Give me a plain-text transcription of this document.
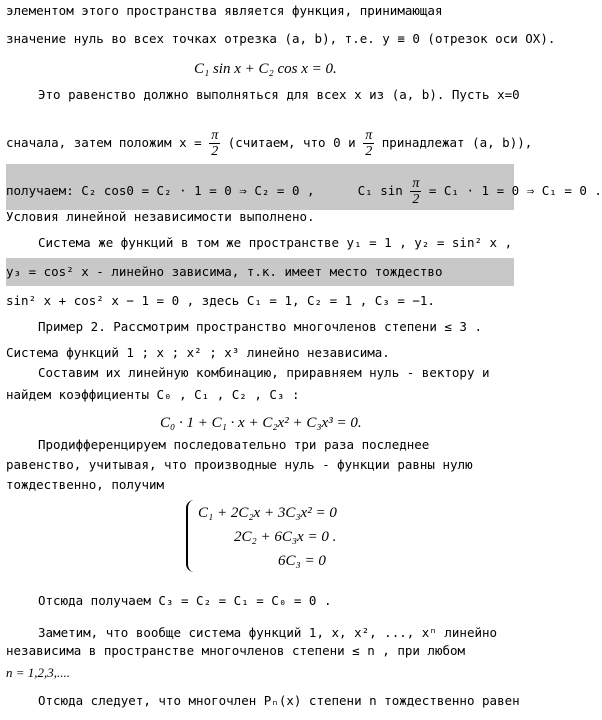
элементом этого пространства является функция, принимающая
значение нуль во всех точках отрезка (a, b), т.е. y ≡ 0 (отрезок оси OX).
C₁ sin x + C₂ cos x = 0.
Это равенство должно выполняться для всех x из (a, b). Пусть x=0
сначала, затем положим $x = \frac{\pi}{2}$ (считаем, что 0 и $\frac{\pi}{2}$ принадлежат (a, b)),
получаем: C₂ cos0 = C₂ · 1 = 0 ⇒ C₂ = 0 ,	C₁ $\sin \frac{\pi}{2} = C_1 \cdot 1 = 0$ ⇒ C₁ = 0 .
Условия линейной независимости выполнено.
Система же функций в том же пространстве y₁ = 1 , y₂ = sin² x ,
y₃ = cos² x - линейно зависима, т.к. имеет место тождество
sin² x + cos² x − 1 = 0 , здесь C₁ = 1, C₂ = 1 , C₃ = −1.
Пример 2. Рассмотрим пространство многочленов степени ≤ 3 .
Система функций 1 ; x ; x² ; x³ линейно независима.
Составим их линейную комбинацию, приравняем нуль - вектору и
найдем коэффициенты C₀ , C₁ , C₂ , C₃ :
C₀ · 1 + C₁ · x + C₂x² + C₃x³ = 0.
Продифференцируем последовательно три раза последнее
равенство, учитывая, что производные нуль - функции равны нулю
тождественно, получим
C₁ + 2C₂x + 3C₃x² = 0
2C₂ + 6C₃x = 0 .
6C₃ = 0
Отсюда получаем C₃ = C₂ = C₁ = C₀ = 0 .
Заметим, что вообще система функций 1, x, x², ..., xⁿ линейно
независима в пространстве многочленов степени ≤ n , при любом
n = 1,2,3,....
Отсюда следует, что многочлен Pₙ(x) степени n тождественно равен
